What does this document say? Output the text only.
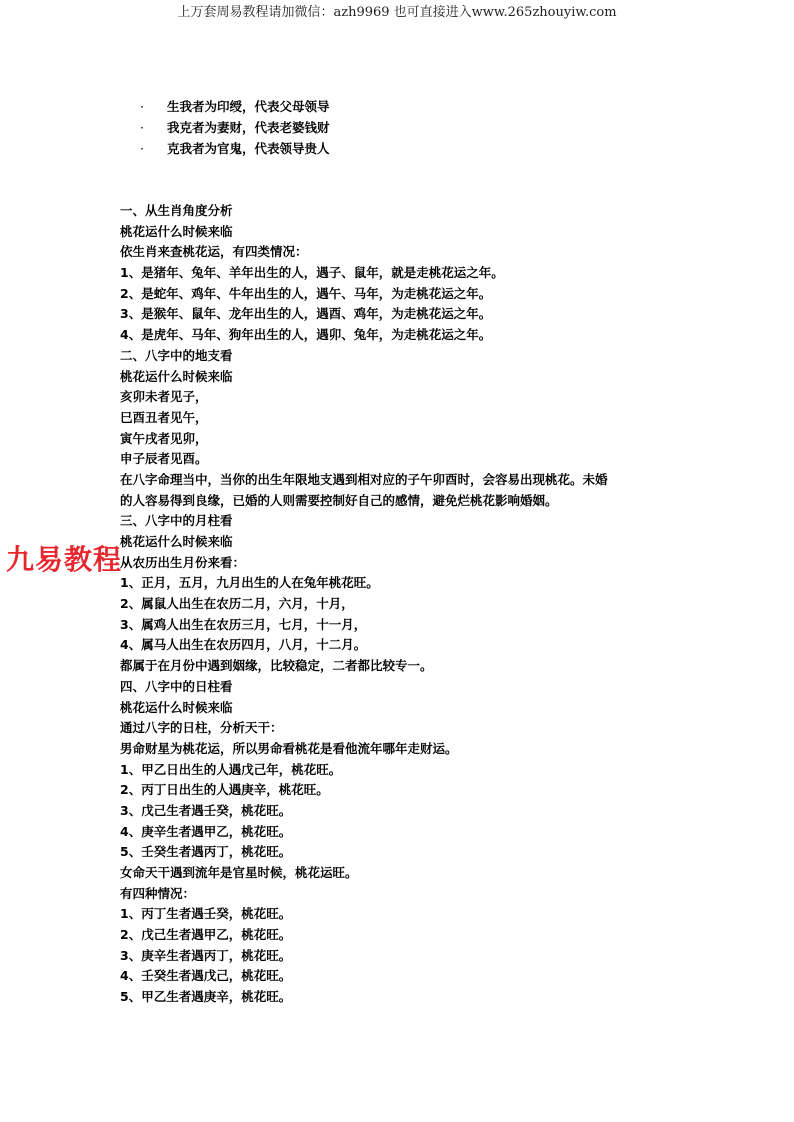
上万套周易教程请加微信：azh9969 也可直接进入www.265zhouyiw.com
· 生我者为印绶，代表父母领导
· 我克者为妻财，代表老婆钱财
· 克我者为官鬼，代表领导贵人
一、从生肖角度分析
桃花运什么时候来临
依生肖来查桃花运，有四类情况：
1、是猪年、兔年、羊年出生的人，遇子、鼠年，就是走桃花运之年。
2、是蛇年、鸡年、牛年出生的人，遇午、马年，为走桃花运之年。
3、是猴年、鼠年、龙年出生的人，遇酉、鸡年，为走桃花运之年。
4、是虎年、马年、狗年出生的人，遇卯、兔年，为走桃花运之年。
二、八字中的地支看
桃花运什么时候来临
亥卯未者见子，
巳酉丑者见午，
寅午戌者见卯，
申子辰者见酉。
在八字命理当中，当你的出生年限地支遇到相对应的子午卯酉时，会容易出现桃花。未婚
的人容易得到良缘，已婚的人则需要控制好自己的感情，避免烂桃花影响婚姻。
三、八字中的月柱看
桃花运什么时候来临
从农历出生月份来看：
1、正月，五月，九月出生的人在兔年桃花旺。
2、属鼠人出生在农历二月，六月，十月，
3、属鸡人出生在农历三月，七月，十一月，
4、属马人出生在农历四月，八月，十二月。
都属于在月份中遇到姻缘，比较稳定，二者都比较专一。
四、八字中的日柱看
桃花运什么时候来临
通过八字的日柱，分析天干：
男命财星为桃花运，所以男命看桃花是看他流年哪年走财运。
1、甲乙日出生的人遇戊己年，桃花旺。
2、丙丁日出生的人遇庚辛，桃花旺。
3、戊己生者遇壬癸，桃花旺。
4、庚辛生者遇甲乙，桃花旺。
5、壬癸生者遇丙丁，桃花旺。
女命天干遇到流年是官星时候，桃花运旺。
有四种情况：
1、丙丁生者遇壬癸，桃花旺。
2、戊己生者遇甲乙，桃花旺。
3、庚辛生者遇丙丁，桃花旺。
4、壬癸生者遇戊己，桃花旺。
5、甲乙生者遇庚辛，桃花旺。
九易教程
